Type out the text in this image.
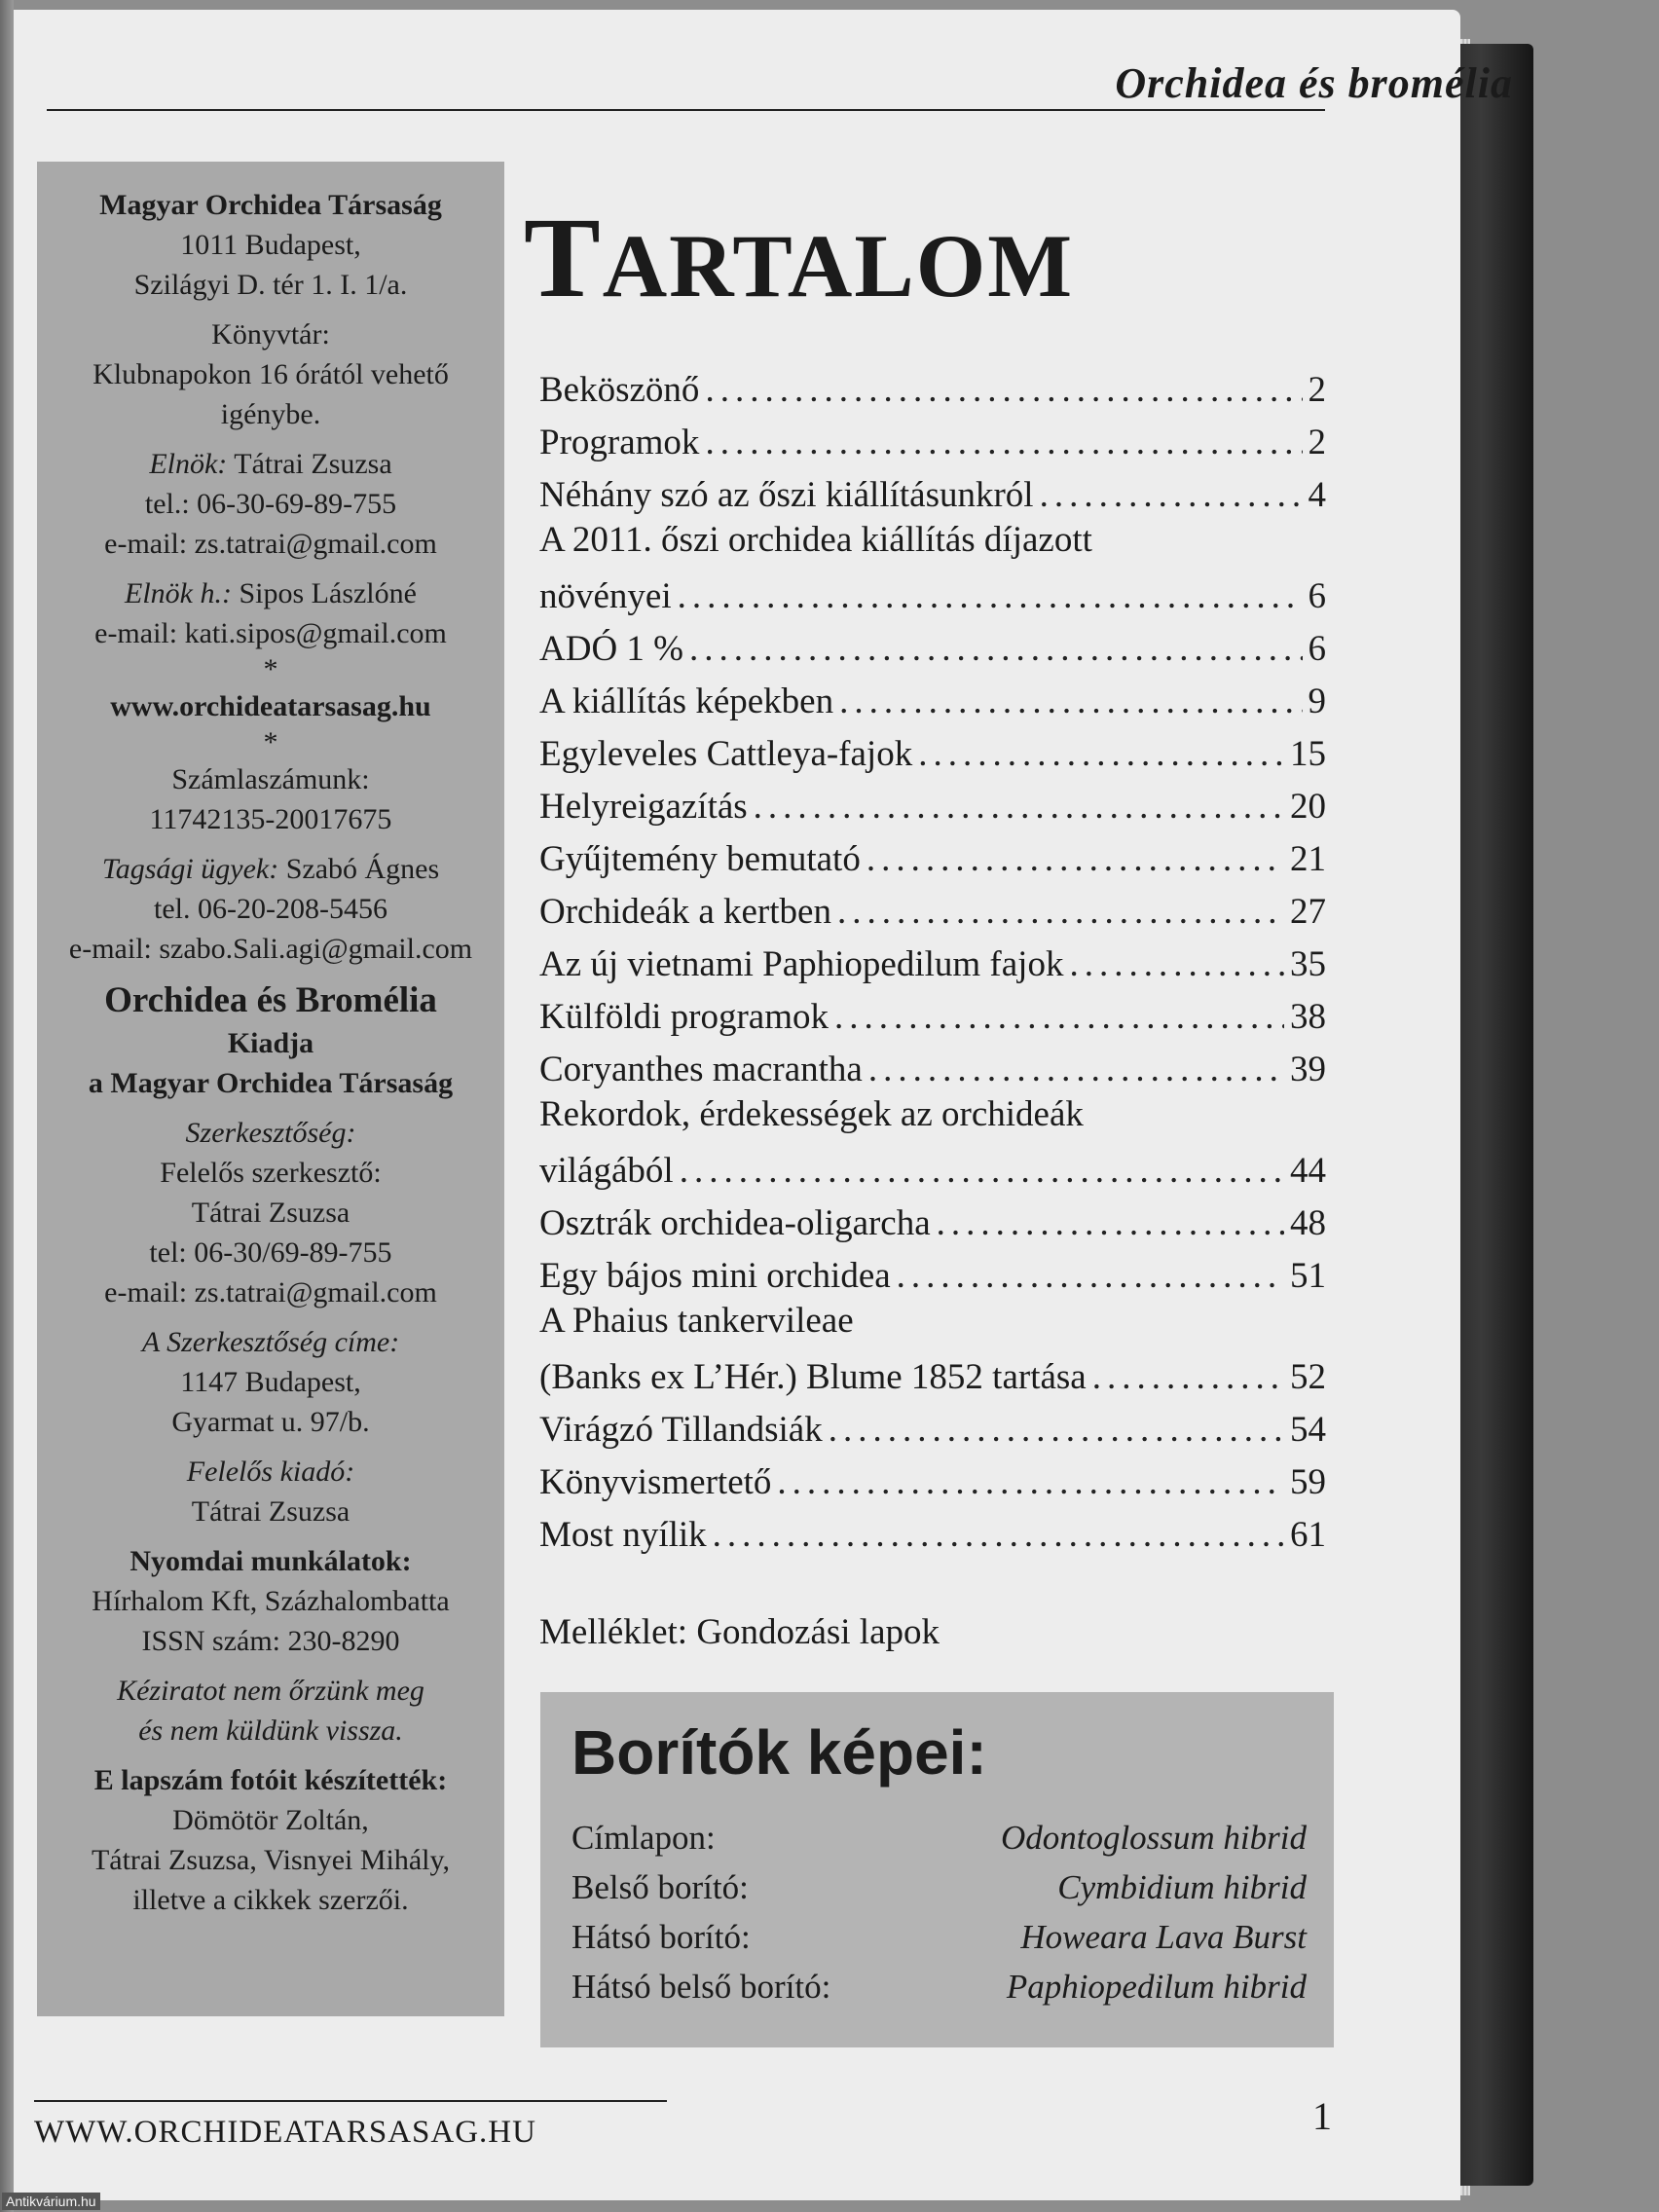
Orchidea és bromélia
Magyar Orchidea Társaság
1011 Budapest,
Szilágyi D. tér 1. I. 1/a.
Könyvtár:
Klubnapokon 16 órától vehető
igénybe.
Elnök: Tátrai Zsuzsa
tel.: 06-30-69-89-755
e-mail: zs.tatrai@gmail.com
Elnök h.: Sipos Lászlóné
e-mail: kati.sipos@gmail.com
*
www.orchideatarsasag.hu
*
Számlaszámunk:
11742135-20017675
Tagsági ügyek: Szabó Ágnes
tel. 06-20-208-5456
e-mail: szabo.Sali.agi@gmail.com
Orchidea és Bromélia
Kiadja
a Magyar Orchidea Társaság
Szerkesztőség:
Felelős szerkesztő:
Tátrai Zsuzsa
tel: 06-30/69-89-755
e-mail: zs.tatrai@gmail.com
A Szerkesztőség címe:
1147 Budapest,
Gyarmat u. 97/b.
Felelős kiadó:
Tátrai Zsuzsa
Nyomdai munkálatok:
Hírhalom Kft, Százhalombatta
ISSN szám: 230-8290
Kéziratot nem őrzünk meg
és nem küldünk vissza.
E lapszám fotóit készítették:
Dömötör Zoltán,
Tátrai Zsuzsa, Visnyei Mihály,
illetve a cikkek szerzői.
TARTALOM
Beköszönő .....	2
Programok .....	2
Néhány szó az őszi kiállításunkról .....	4
A 2011. őszi orchidea kiállítás díjazott
növényei .....	6
ADÓ 1 % .....	6
A kiállítás képekben .....	9
Egyleveles Cattleya-fajok .....	15
Helyreigazítás .....	20
Gyűjtemény bemutató .....	21
Orchideák a kertben .....	27
Az új vietnami Paphiopedilum fajok .....	35
Külföldi programok .....	38
Coryanthes macrantha .....	39
Rekordok, érdekességek az orchideák
világából .....	44
Osztrák orchidea-oligarcha .....	48
Egy bájos mini orchidea .....	51
A Phaius tankervileae
(Banks ex L’Hér.) Blume 1852 tartása .....	52
Virágzó Tillandsiák .....	54
Könyvismertető .....	59
Most nyílik .....	61
Melléklet: Gondozási lapok
Borítók képei:
Címlapon:	Odontoglossum hibrid
Belső borító:	Cymbidium hibrid
Hátsó borító:	Howeara Lava Burst
Hátsó belső borító:	Paphiopedilum hibrid
WWW.ORCHIDEATARSASAG.HU	1
Antikvárium.hu
